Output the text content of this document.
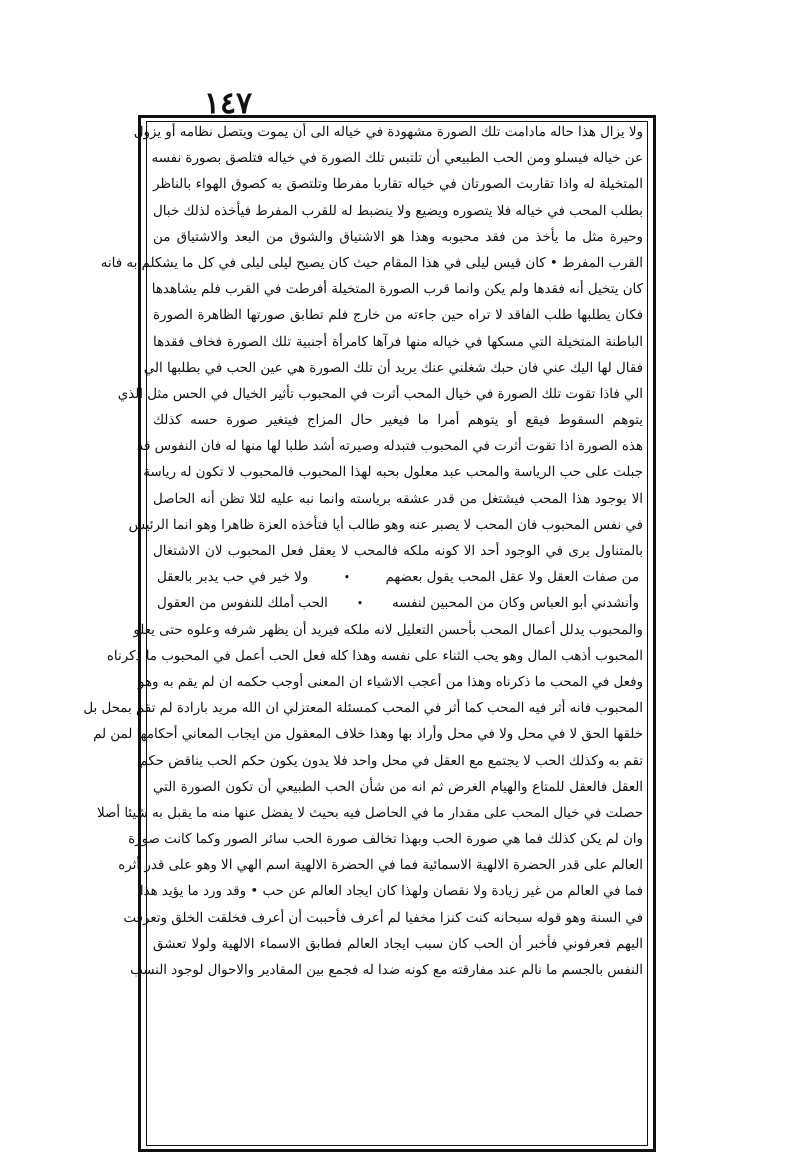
١٤٧
ولا يزال هذا حاله مادامت تلك الصورة مشهودة في خياله الى أن يموت ويتصل نظامه أو يزول
عن خياله فيسلو ومن الحب الطبيعي أن تلتبس تلك الصورة في خياله فتلصق بصورة نفسه
المتخيلة له واذا تقاربت الصورتان في خياله تقاربا مفرطا وتلتصق به كصوق الهواء بالناظر
بطلب المحب في خياله فلا يتصوره ويضيع ولا ينضبط له للقرب المفرط فيأخذه لذلك خبال
وحيرة مثل ما يأخذ من فقد محبوبه وهذا هو الاشتياق والشوق من البعد والاشتياق من
القرب المفرط • كان قيس ليلى في هذا المقام حيث كان يصيح ليلى ليلى في كل ما يشكلم به فانه
كان يتخيل أنه فقدها ولم يكن وانما قرب الصورة المتخيلة أفرطت في القرب فلم يشاهدها
فكان يطلبها طلب الفاقد لا تراه حين جاءته من خارج فلم تطابق صورتها الظاهرة الصورة
الباطنة المتخيلة التي مسكها في خياله منها فرآها كامرأة أجنبية تلك الصورة فخاف فقدها
فقال لها اليك عني فان حبك شغلني عنك يريد أن تلك الصورة هي عين الحب في بطلبها الي
الي فاذا تقوت تلك الصورة في خيال المحب أثرت في المحبوب تأثير الخيال في الحس مثل الذي
يتوهم السقوط فيقع أو يتوهم أمرا ما فيغير حال المزاج فيتغير صورة حسه كذلك
هذه الصورة اذا تقوت أثرت في المحبوب فتبدله وصيرته أشد طلبا لها منها له فان النفوس قد
جبلت على حب الرياسة والمحب عبد معلول بحبه لهذا المحبوب فالمحبوب لا تكون له رياسة
الا بوجود هذا المحب فيشتغل من قدر عشقه برياسته وانما نبه عليه لئلا تظن أنه الحاصل
في نفس المحبوب فان المحب لا يصبر عنه وهو طالب أيا فتأخذه العزة ظاهرا وهو انما الرئيس
بالمتناول يرى في الوجود أحد الا كونه ملكه فالمحب لا يعقل فعل المحبوب لان الاشتغال
من صفات العقل ولا عقل المحب يقول بعضهم
•
ولا خير في حب يدبر بالعقل
وأنشدني أبو العباس وكان من المحبين لنفسه
•
الحب أملك للنفوس من العقول
والمحبوب يدلل أعمال المحب بأحسن التعليل لانه ملكه فيريد أن يظهر شرفه وعلوه حتى يعلو
المحبوب أذهب المال وهو يحب الثناء على نفسه وهذا كله فعل الحب أعمل في المحبوب ما ذكرناه
وفعل في المحب ما ذكرناه وهذا من أعجب الاشياء ان المعنى أوجب حكمه ان لم يقم به وهو
المحبوب فانه أثر فيه المحب كما أثر في المحب كمسئلة المعتزلي ان الله مريد بارادة لم تقم بمحل بل
خلقها الحق لا في محل ولا في محل وأراد بها وهذا خلاف المعقول من ايجاب المعاني أحكامها لمن لم
تقم به وكذلك الحب لا يجتمع مع العقل في محل واحد فلا يدون يكون حكم الحب يناقض حكم
العقل فالعقل للمتاع والهيام الغرض ثم انه من شأن الحب الطبيعي أن تكون الصورة التي
حصلت في خيال المحب على مقدار ما في الحاصل فيه بحيث لا يفضل عنها منه ما يقبل به شيئا أصلا
وان لم يكن كذلك فما هي صورة الحب وبهذا تخالف صورة الحب سائر الصور وكما كانت صورة
العالم على قدر الحضرة الالهية الاسمائية فما في الحضرة الالهية اسم الهي الا وهو على قدر أثره
فما في العالم من غير زيادة ولا نقصان ولهذا كان ايجاد العالم عن حب • وقد ورد ما يؤيد هذا
في السنة وهو قوله سبحانه كنت كنزا مخفيا لم أعرف فأحببت أن أعرف فخلقت الخلق وتعرفت
اليهم فعرفوني فأخبر أن الحب كان سبب ايجاد العالم فطابق الاسماء الالهية ولولا تعشق
النفس بالجسم ما نالم عند مفارقته مع كونه ضدا له فجمع بين المقادير والاحوال لوجود النسب
